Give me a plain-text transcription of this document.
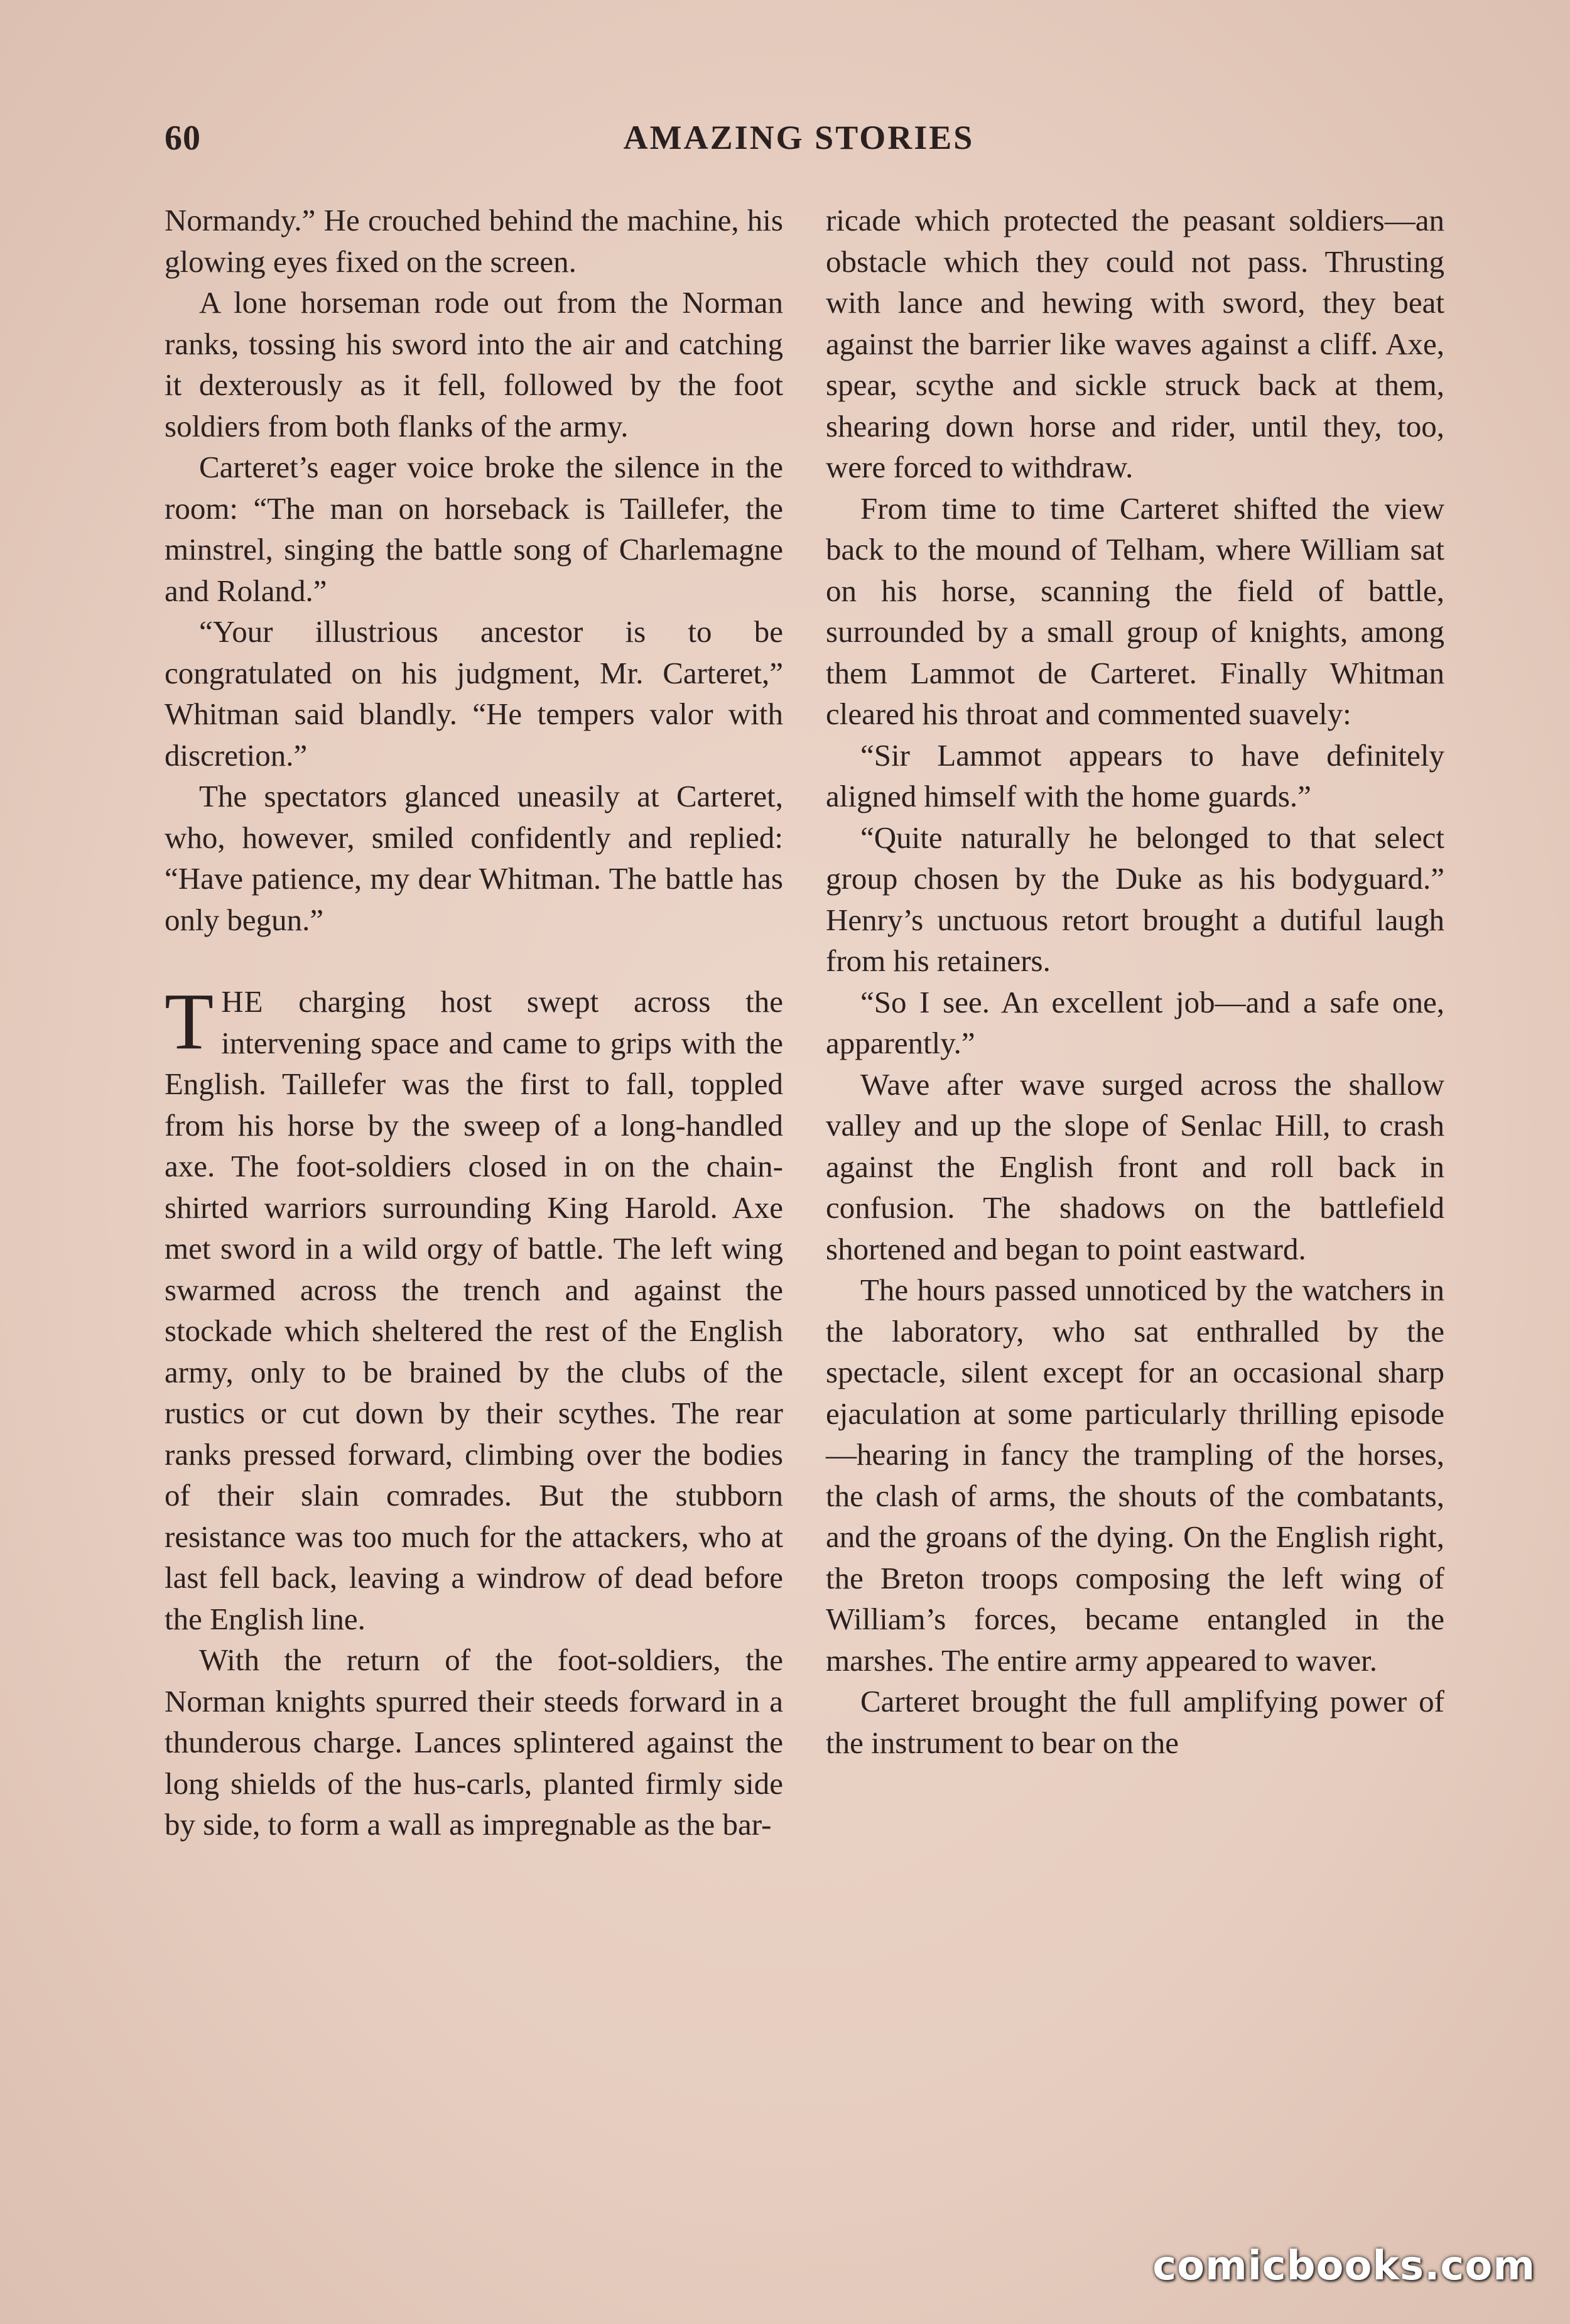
60	AMAZING STORIES

Normandy.” He crouched behind the machine, his glowing eyes fixed on the screen.

A lone horseman rode out from the Norman ranks, tossing his sword into the air and catching it dexterously as it fell, followed by the foot soldiers from both flanks of the army.

Carteret’s eager voice broke the silence in the room: “The man on horseback is Taillefer, the minstrel, singing the battle song of Charlemagne and Roland.”

“Your illustrious ancestor is to be congratulated on his judgment, Mr. Carteret,” Whitman said blandly. “He tempers valor with discretion.”

The spectators glanced uneasily at Carteret, who, however, smiled confidently and replied: “Have patience, my dear Whitman. The battle has only begun.”

THE charging host swept across the intervening space and came to grips with the English. Taillefer was the first to fall, toppled from his horse by the sweep of a long-handled axe. The foot-soldiers closed in on the chain-shirted warriors surrounding King Harold. Axe met sword in a wild orgy of battle. The left wing swarmed across the trench and against the stockade which sheltered the rest of the English army, only to be brained by the clubs of the rustics or cut down by their scythes. The rear ranks pressed forward, climbing over the bodies of their slain comrades. But the stubborn resistance was too much for the attackers, who at last fell back, leaving a windrow of dead before the English line.

With the return of the foot-soldiers, the Norman knights spurred their steeds forward in a thunderous charge. Lances splintered against the long shields of the hus-carls, planted firmly side by side, to form a wall as impregnable as the bar-

ricade which protected the peasant soldiers—an obstacle which they could not pass. Thrusting with lance and hewing with sword, they beat against the barrier like waves against a cliff. Axe, spear, scythe and sickle struck back at them, shearing down horse and rider, until they, too, were forced to withdraw.

From time to time Carteret shifted the view back to the mound of Telham, where William sat on his horse, scanning the field of battle, surrounded by a small group of knights, among them Lammot de Carteret. Finally Whitman cleared his throat and commented suavely:

“Sir Lammot appears to have definitely aligned himself with the home guards.”

“Quite naturally he belonged to that select group chosen by the Duke as his bodyguard.” Henry’s unctuous retort brought a dutiful laugh from his retainers.

“So I see. An excellent job—and a safe one, apparently.”

Wave after wave surged across the shallow valley and up the slope of Senlac Hill, to crash against the English front and roll back in confusion. The shadows on the battlefield shortened and began to point eastward.

The hours passed unnoticed by the watchers in the laboratory, who sat enthralled by the spectacle, silent except for an occasional sharp ejaculation at some particularly thrilling episode—hearing in fancy the trampling of the horses, the clash of arms, the shouts of the combatants, and the groans of the dying. On the English right, the Breton troops composing the left wing of William’s forces, became entangled in the marshes. The entire army appeared to waver.

Carteret brought the full amplifying power of the instrument to bear on the

comicbooks.com
